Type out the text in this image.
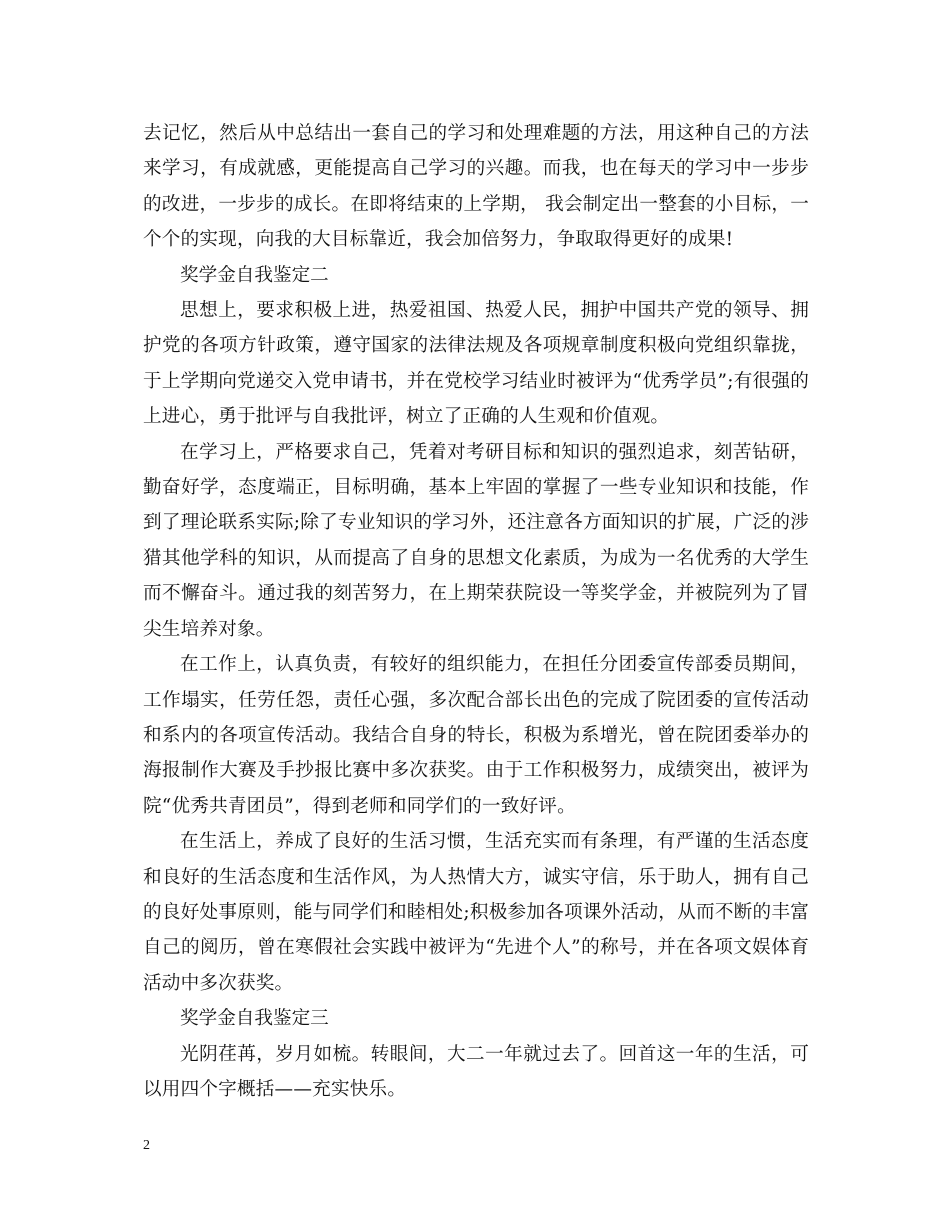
去记忆，然后从中总结出一套自己的学习和处理难题的方法，用这种自己的方法来学习，有成就感，更能提高自己学习的兴趣。而我，也在每天的学习中一步步的改进，一步步的成长。在即将结束的上学期， 我会制定出一整套的小目标，一个个的实现，向我的大目标靠近，我会加倍努力，争取取得更好的成果!

奖学金自我鉴定二

思想上，要求积极上进，热爱祖国、热爱人民，拥护中国共产党的领导、拥护党的各项方针政策，遵守国家的法律法规及各项规章制度积极向党组织靠拢，于上学期向党递交入党申请书，并在党校学习结业时被评为“优秀学员”;有很强的上进心，勇于批评与自我批评，树立了正确的人生观和价值观。

在学习上，严格要求自己，凭着对考研目标和知识的强烈追求，刻苦钻研，勤奋好学，态度端正，目标明确，基本上牢固的掌握了一些专业知识和技能，作到了理论联系实际;除了专业知识的学习外，还注意各方面知识的扩展，广泛的涉猎其他学科的知识，从而提高了自身的思想文化素质，为成为一名优秀的大学生而不懈奋斗。通过我的刻苦努力，在上期荣获院设一等奖学金，并被院列为了冒尖生培养对象。

在工作上，认真负责，有较好的组织能力，在担任分团委宣传部委员期间，工作塌实，任劳任怨，责任心强，多次配合部长出色的完成了院团委的宣传活动和系内的各项宣传活动。我结合自身的特长，积极为系增光，曾在院团委举办的海报制作大赛及手抄报比赛中多次获奖。由于工作积极努力，成绩突出，被评为院“优秀共青团员”，得到老师和同学们的一致好评。

在生活上，养成了良好的生活习惯，生活充实而有条理，有严谨的生活态度和良好的生活态度和生活作风，为人热情大方，诚实守信，乐于助人，拥有自己的良好处事原则，能与同学们和睦相处;积极参加各项课外活动，从而不断的丰富自己的阅历，曾在寒假社会实践中被评为“先进个人”的称号，并在各项文娱体育活动中多次获奖。

奖学金自我鉴定三

光阴荏苒，岁月如梳。转眼间，大二一年就过去了。回首这一年的生活，可以用四个字概括——充实快乐。

2
